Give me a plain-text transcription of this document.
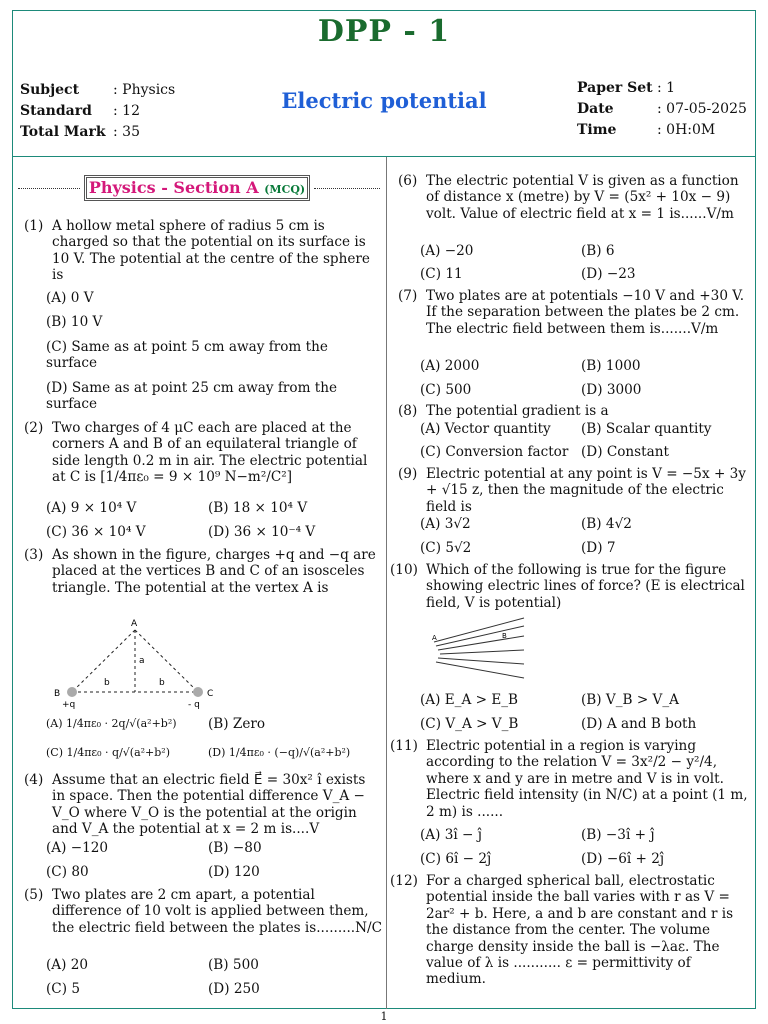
DPP - 1
Electric potential
Subject	: Physics
Standard	: 12
Total Mark : 35
Paper Set : 1
Date	: 07-05-2025
Time	: 0H:0M
Physics - Section A (MCQ)
(1) A hollow metal sphere of radius 5 cm is charged so that the potential on its surface is 10 V. The potential at the centre of the sphere is
(A) 0 V
(B) 10 V
(C) Same as at point 5 cm away from the surface
(D) Same as at point 25 cm away from the surface
(2) Two charges of 4 μC each are placed at the corners A and B of an equilateral triangle of side length 0.2 m in air. The electric potential at C is [1/4πε₀ = 9 × 10⁹ N−m²/C²]
(A) 9 × 10⁴ V	(B) 18 × 10⁴ V
(C) 36 × 10⁴ V	(D) 36 × 10⁻⁴ V
(3) As shown in the figure, charges +q and −q are placed at the vertices B and C of an isosceles triangle. The potential at the vertex A is
A
B	C
a
b	b
+q	- q
(A) 1/4πε₀ · 2q/√(a²+b²) (B) Zero
(C) 1/4πε₀ · q/√(a²+b²)	(D) 1/4πε₀ · (−q)/√(a²+b²)
(4) Assume that an electric field E⃗ = 30x² î exists in space. Then the potential difference V_A − V_O where V_O is the potential at the origin and V_A the potential at x = 2 m is....V
(A) −120	(B) −80
(C) 80	(D) 120
(5) Two plates are 2 cm apart, a potential difference of 10 volt is applied between them, the electric field between the plates is.........N/C
(A) 20	(B) 500
(C) 5	(D) 250
(6) The electric potential V is given as a function of distance x (metre) by V = (5x² + 10x − 9) volt. Value of electric field at x = 1 is......V/m
(A) −20	(B) 6
(C) 11	(D) −23
(7) Two plates are at potentials −10 V and +30 V. If the separation between the plates be 2 cm. The electric field between them is.......V/m
(A) 2000	(B) 1000
(C) 500	(D) 3000
(8) The potential gradient is a
(A) Vector quantity (B) Scalar quantity
(C) Conversion factor (D) Constant
(9) Electric potential at any point is V = −5x + 3y + √15 z, then the magnitude of the electric field is
(A) 3√2	(B) 4√2
(C) 5√2	(D) 7
(10) Which of the following is true for the figure showing electric lines of force? (E is electrical field, V is potential)
A	B
(A) E_A > E_B	(B) V_B > V_A
(C) V_A > V_B	(D) A and B both
(11) Electric potential in a region is varying according to the relation V = 3x²/2 − y²/4, where x and y are in metre and V is in volt. Electric field intensity (in N/C) at a point (1 m, 2 m) is ......
(A) 3î − ĵ	(B) −3î + ĵ
(C) 6î − 2ĵ	(D) −6î + 2ĵ
(12) For a charged spherical ball, electrostatic potential inside the ball varies with r as V = 2ar² + b. Here, a and b are constant and r is the distance from the center. The volume charge density inside the ball is −λaε. The value of λ is ........... ε = permittivity of medium.
1
